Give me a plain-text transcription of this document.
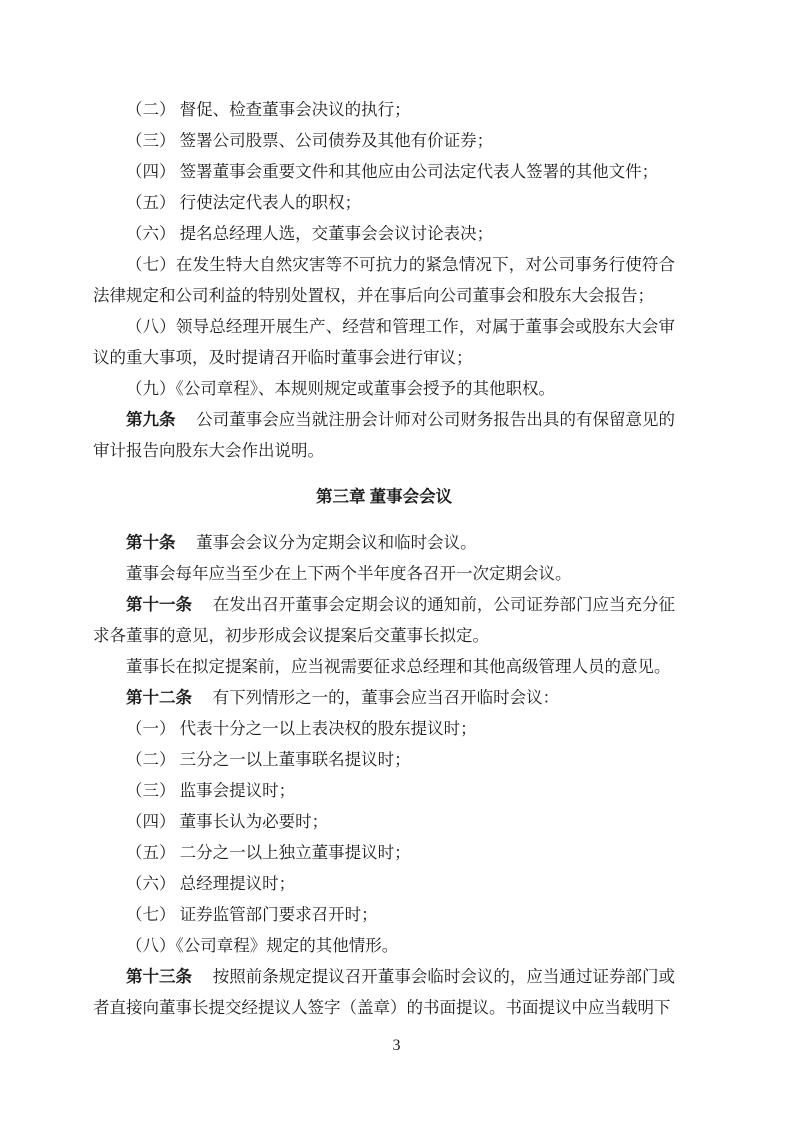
（二） 督促、检查董事会决议的执行；

（三） 签署公司股票、公司债券及其他有价证券；

（四） 签署董事会重要文件和其他应由公司法定代表人签署的其他文件；

（五） 行使法定代表人的职权；

（六） 提名总经理人选，交董事会会议讨论表决；

（七）在发生特大自然灾害等不可抗力的紧急情况下，对公司事务行使符合法律规定和公司利益的特别处置权，并在事后向公司董事会和股东大会报告；

（八）领导总经理开展生产、经营和管理工作，对属于董事会或股东大会审议的重大事项，及时提请召开临时董事会进行审议；

（九）《公司章程》、本规则规定或董事会授予的其他职权。

第九条 公司董事会应当就注册会计师对公司财务报告出具的有保留意见的审计报告向股东大会作出说明。

第三章 董事会会议

第十条 董事会会议分为定期会议和临时会议。

董事会每年应当至少在上下两个半年度各召开一次定期会议。

第十一条 在发出召开董事会定期会议的通知前，公司证券部门应当充分征求各董事的意见，初步形成会议提案后交董事长拟定。

董事长在拟定提案前，应当视需要征求总经理和其他高级管理人员的意见。

第十二条 有下列情形之一的，董事会应当召开临时会议：

（一） 代表十分之一以上表决权的股东提议时；

（二） 三分之一以上董事联名提议时；

（三） 监事会提议时；

（四） 董事长认为必要时；

（五） 二分之一以上独立董事提议时；

（六） 总经理提议时；

（七） 证券监管部门要求召开时；

（八）《公司章程》规定的其他情形。

第十三条 按照前条规定提议召开董事会临时会议的，应当通过证券部门或者直接向董事长提交经提议人签字（盖章）的书面提议。书面提议中应当载明下

3
